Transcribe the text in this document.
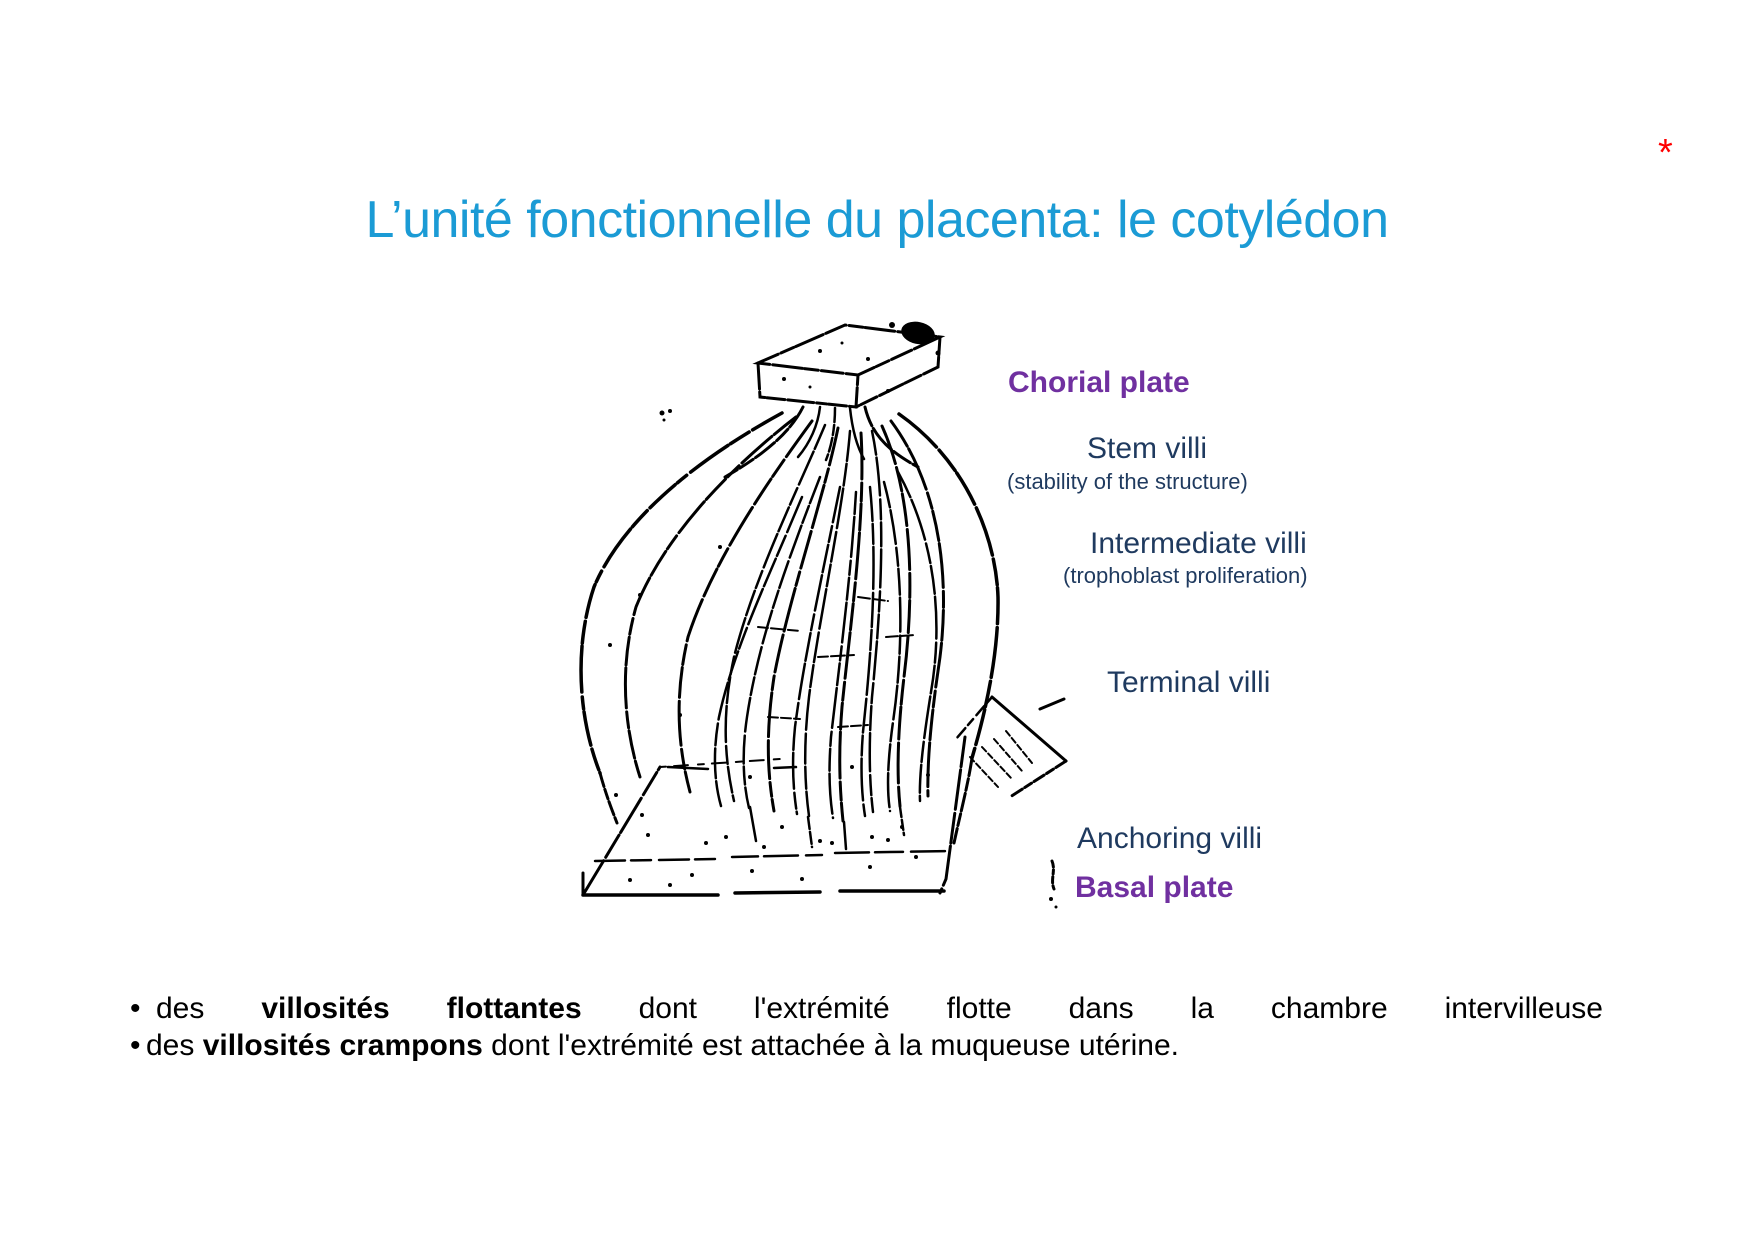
*
L’unité fonctionnelle du placenta: le cotylédon
Chorial plate
Stem villi
(stability of the structure)
Intermediate villi
(trophoblast proliferation)
Terminal villi
Anchoring villi
Basal plate
• des villosités flottantes dont l'extrémité flotte dans la chambre intervilleuse
• des villosités crampons dont l'extrémité est attachée à la muqueuse utérine.
